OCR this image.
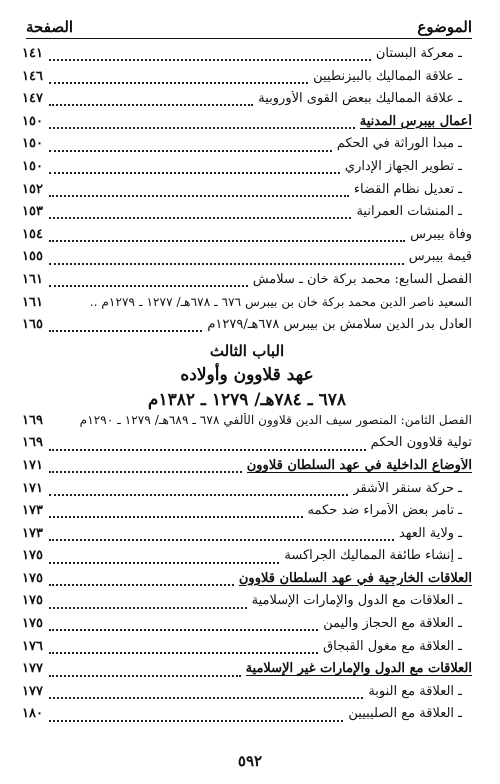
الموضوع
الصفحة
ـ معركة البستان
١٤١
ـ علاقة المماليك بالبيزنطيين
١٤٦
ـ علاقة المماليك ببعض القوى الأوروبية
١٤٧
أعمال بيبرس المدنية
١٥٠
ـ مبدأ الوراثة في الحكم
١٥٠
ـ تطوير الجهاز الإداري
١٥٠
ـ تعديل نظام القضاء
١٥٢
ـ المنشآت العمرانية
١٥٣
وفاة بيبرس
١٥٤
قيمة بيبرس
١٥٥
الفصل السابع: محمد بركة خان ـ سلامش
١٦١
السعيد ناصر الدين محمد بركة خان بن بيبرس ٦٧٦ ـ ٦٧٨هـ/ ١٢٧٧ ـ ١٢٧٩م ..
١٦١
العادل بدر الدين سلامش بن بيبرس ٦٧٨هـ/١٢٧٩م
١٦٥
الباب الثالث
عهد قلاوون وأولاده
٦٧٨ ـ ٧٨٤هـ/ ١٢٧٩ ـ ١٣٨٢م
الفصل الثامن: المنصور سيف الدين قلاوون الألفي ٦٧٨ ـ ٦٨٩هـ/ ١٢٧٩ ـ ١٢٩٠م
١٦٩
تولية قلاوون الحكم
١٦٩
الأوضاع الداخلية في عهد السلطان قلاوون
١٧١
ـ حركة سنقر الأشقر
١٧١
ـ تآمر بعض الأمراء ضد حكمه
١٧٣
ـ ولاية العهد
١٧٣
ـ إنشاء طائفة المماليك الجراكسة
١٧٥
العلاقات الخارجية في عهد السلطان قلاوون
١٧٥
ـ العلاقات مع الدول والإمارات الإسلامية
١٧٥
ـ العلاقة مع الحجاز واليمن
١٧٥
ـ العلاقة مع مغول القبجاق
١٧٦
العلاقات مع الدول والإمارات غير الإسلامية
١٧٧
ـ العلاقة مع النوبة
١٧٧
ـ العلاقة مع الصليبيين
١٨٠
٥٩٢
